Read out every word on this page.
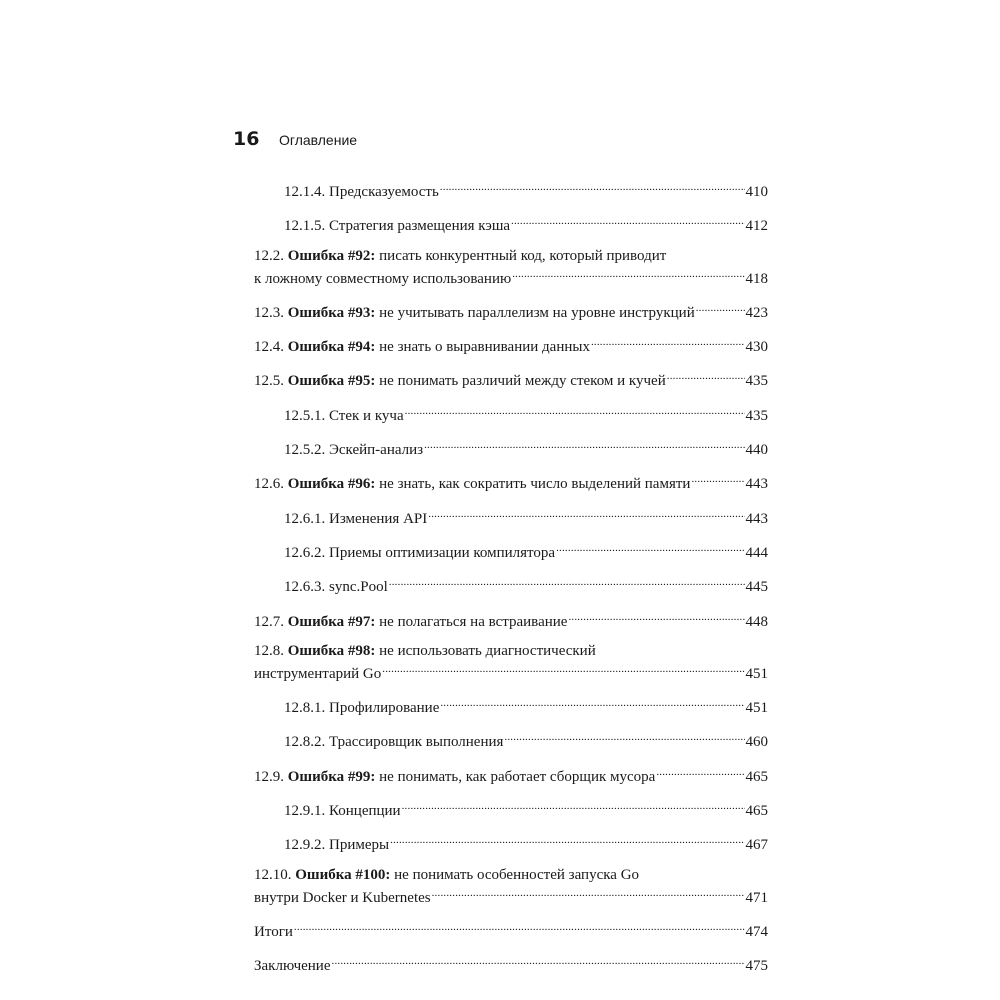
16	Оглавление
12.1.4. Предсказуемость .....	410
12.1.5. Стратегия размещения кэша .....	412
12.2. Ошибка #92: писать конкурентный код, который приводит
к ложному совместному использованию .....	418
12.3. Ошибка #93: не учитывать параллелизм на уровне инструкций .....	423
12.4. Ошибка #94: не знать о выравнивании данных .....	430
12.5. Ошибка #95: не понимать различий между стеком и кучей .....	435
12.5.1. Стек и куча .....	435
12.5.2. Эскейп-анализ .....	440
12.6. Ошибка #96: не знать, как сократить число выделений памяти .....	443
12.6.1. Изменения API .....	443
12.6.2. Приемы оптимизации компилятора .....	444
12.6.3. sync.Pool .....	445
12.7. Ошибка #97: не полагаться на встраивание .....	448
12.8. Ошибка #98: не использовать диагностический
инструментарий Go .....	451
12.8.1. Профилирование .....	451
12.8.2. Трассировщик выполнения .....	460
12.9. Ошибка #99: не понимать, как работает сборщик мусора .....	465
12.9.1. Концепции .....	465
12.9.2. Примеры .....	467
12.10. Ошибка #100: не понимать особенностей запуска Go
внутри Docker и Kubernetes .....	471
Итоги .....	474
Заключение .....	475
